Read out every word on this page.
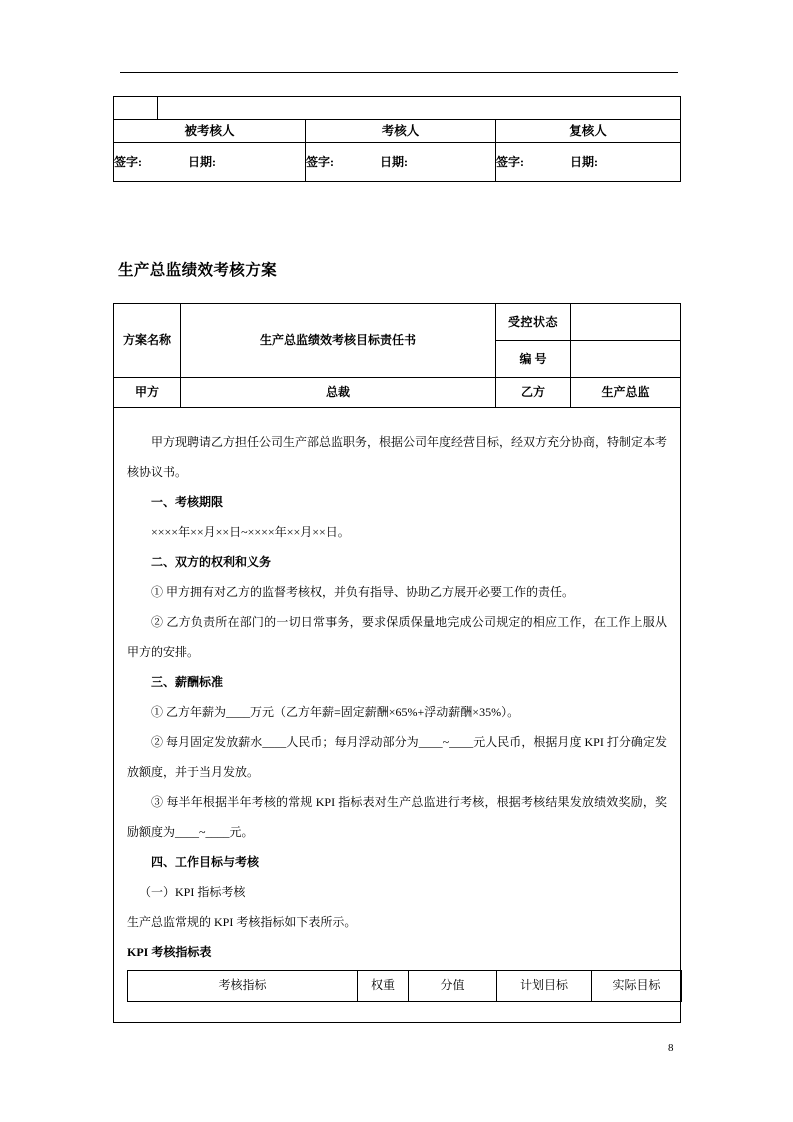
被考核人		考核人	复核人
签字: 日期:		签字: 日期:	签字: 日期:
生产总监绩效考核方案
方案名称	生产总监绩效考核目标责任书	受控状态	
编 号	
甲方	总裁	乙方	生产总监

甲方现聘请乙方担任公司生产部总监职务，根据公司年度经营目标，经双方充分协商，特制定本考核协议书。

一、考核期限

××××年××月××日~××××年××月××日。

二、双方的权利和义务

① 甲方拥有对乙方的监督考核权，并负有指导、协助乙方展开必要工作的责任。

② 乙方负责所在部门的一切日常事务，要求保质保量地完成公司规定的相应工作，在工作上服从甲方的安排。

三、薪酬标准

① 乙方年薪为____万元（乙方年薪=固定薪酬×65%+浮动薪酬×35%）。

② 每月固定发放薪水____人民币；每月浮动部分为____~____元人民币，根据月度 KPI 打分确定发放额度，并于当月发放。

③ 每半年根据半年考核的常规 KPI 指标表对生产总监进行考核，根据考核结果发放绩效奖励，奖励额度为____~____元。

四、工作目标与考核

（一）KPI 指标考核

生产总监常规的 KPI 考核指标如下表所示。

KPI 考核指标表

考核指标	权重	分值	计划目标	实际目标
8
